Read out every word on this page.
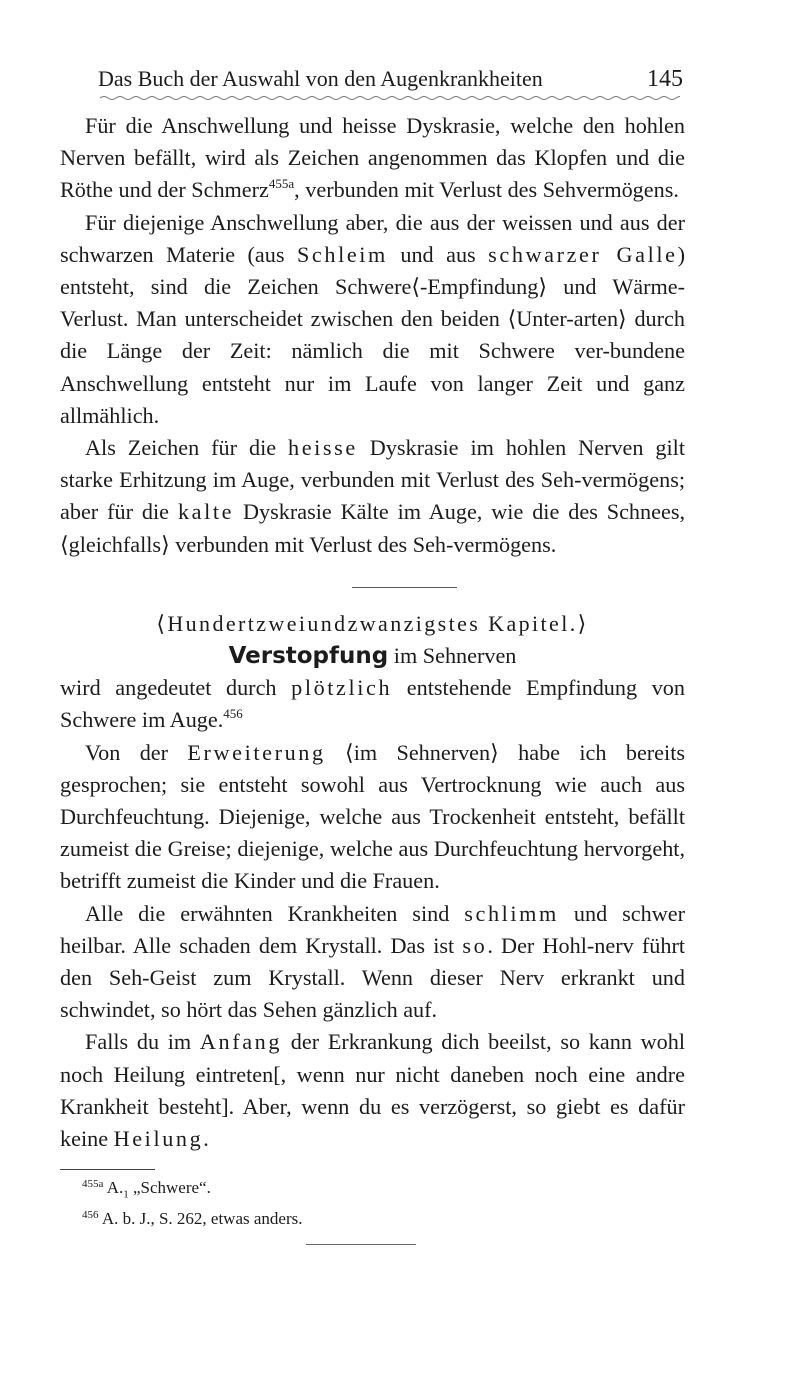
Das Buch der Auswahl von den Augenkrankheiten	145

Für die Anschwellung und heisse Dyskrasie, welche den hohlen Nerven befällt, wird als Zeichen angenommen das Klopfen und die Röthe und der Schmerz$^{455a}$, verbunden mit Verlust des Sehvermögens.

Für diejenige Anschwellung aber, die aus der weissen und aus der schwarzen Materie (aus Schleim und aus schwarzer Galle) entsteht, sind die Zeichen Schwere⟨-Empfindung⟩ und Wärme-Verlust. Man unterscheidet zwischen den beiden ⟨Unter-arten⟩ durch die Länge der Zeit: nämlich die mit Schwere ver-bundene Anschwellung entsteht nur im Laufe von langer Zeit und ganz allmählich.

Als Zeichen für die heisse Dyskrasie im hohlen Nerven gilt starke Erhitzung im Auge, verbunden mit Verlust des Seh-vermögens; aber für die kalte Dyskrasie Kälte im Auge, wie die des Schnees, ⟨gleichfalls⟩ verbunden mit Verlust des Seh-vermögens.

⟨Hundertzweiundzwanzigstes Kapitel.⟩

Verstopfung im Sehnerven

wird angedeutet durch plötzlich entstehende Empfindung von Schwere im Auge.$^{456}$

Von der Erweiterung ⟨im Sehnerven⟩ habe ich bereits gesprochen; sie entsteht sowohl aus Vertrocknung wie auch aus Durchfeuchtung. Diejenige, welche aus Trockenheit entsteht, befällt zumeist die Greise; diejenige, welche aus Durchfeuchtung hervorgeht, betrifft zumeist die Kinder und die Frauen.

Alle die erwähnten Krankheiten sind schlimm und schwer heilbar. Alle schaden dem Krystall. Das ist so. Der Hohl-nerv führt den Seh-Geist zum Krystall. Wenn dieser Nerv erkrankt und schwindet, so hört das Sehen gänzlich auf.

Falls du im Anfang der Erkrankung dich beeilst, so kann wohl noch Heilung eintreten[, wenn nur nicht daneben noch eine andre Krankheit besteht]. Aber, wenn du es verzögerst, so giebt es dafür keine Heilung.

$^{455a}$ $A._1$ „Schwere“.
$^{456}$ A. b. J., S. 262, etwas anders.
